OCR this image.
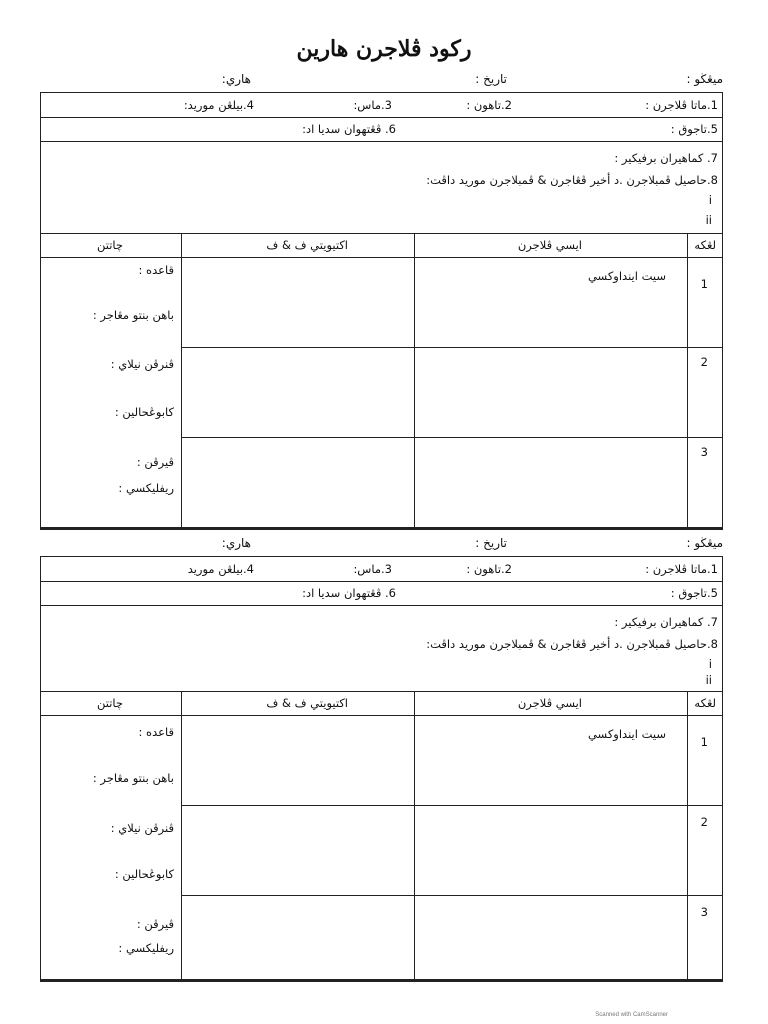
رکود ڤلاجرن هارين
ميڠڬو :
تاريخ :
هاري:
1.ماتا ڤلاجرن :
2.تاهون :
3.ماس:
4.بيلڠن موريد:
5.تاجوق :
6. ڤڠتهوان سديا اد:
7. كماهيران برفيكير :
8.حاصيل ڤمبلاجرن .د أخير ڤڠاجرن & ڤمبلاجرن موريد داڤت:
i
ii
لڠكه
ايسي ڤلاجرن
اكتيويتي ف & ف
چاتتن
1
2
3
سيت اينداوكسي
قاعده :
باهن بنتو مڠاجر :
ڤنرڤن نيلاي :
كابوڠحالين :
ڤيرڤن :
ريفليكسي :
ميڠڬو :
تاريخ :
هاري:
1.ماتا ڤلاجرن :
2.تاهون :
3.ماس:
4.بيلڠن موريد
5.تاجوق :
6. ڤڠتهوان سديا اد:
7. كماهيران برفيكير :
8.حاصيل ڤمبلاجرن .د أخير ڤڠاجرن & ڤمبلاجرن موريد داڤت:
i
ii
لڠكه
ايسي ڤلاجرن
اكتيويتي ف & ف
چاتتن
1
2
3
سيت اينداوكسي
قاعده :
باهن بنتو مڠاجر :
ڤنرڤن نيلاي :
كابوڠحالين :
ڤيرڤن :
ريفليكسي :
Scanned with CamScanner
